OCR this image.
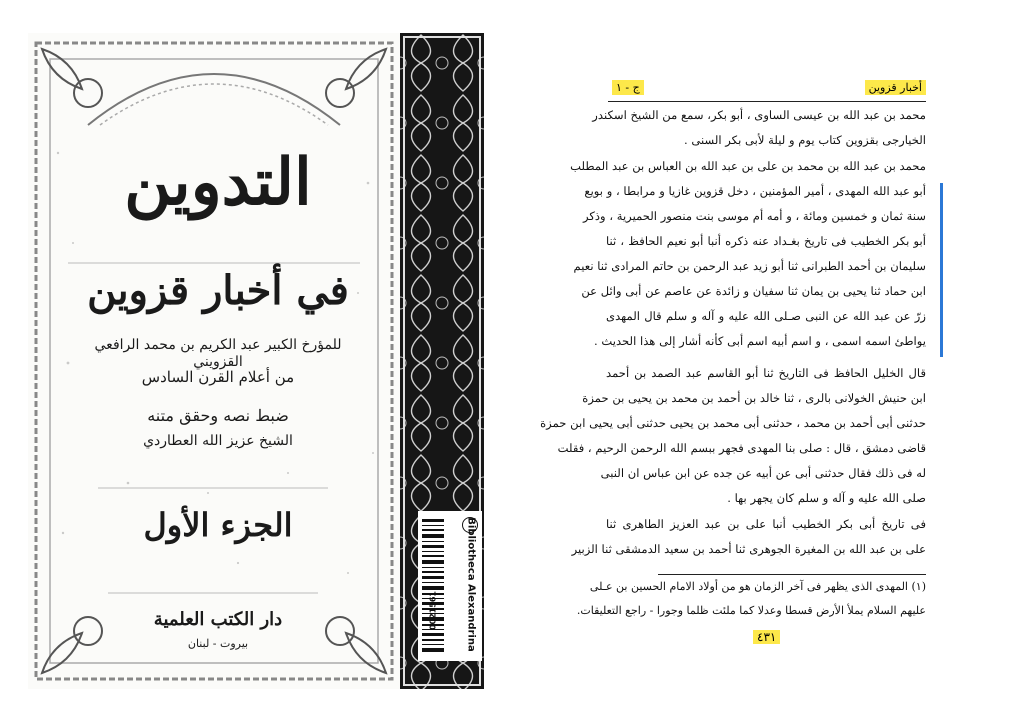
التدوين
في أخبار قزوين
للمؤرخ الكبير عبد الكريم بن محمد الرافعي القزويني
من أعلام القرن السادس
ضبط نصه وحقق متنه
الشيخ عزيز الله العطاردي
الجزء الأول
دار الكتب العلمية
بيروت - لبنان
0021561	Bibliotheca Alexandrina
أخبار قزوين
ج - ١
محمد بن عبد الله بن عيسى الساوى ، أبو بكر، سمع من الشيخ اسكندر
الخيارجى بقزوين كتاب يوم و ليلة لأبى بكر السنى .
محمد بن عبد الله بن محمد بن على بن عبد الله بن العباس بن عبد المطلب
أبو عبد الله المهدى ، أمير المؤمنين ، دخل قزوين غازيا و مرابطا ، و بويع
سنة ثمان و خمسين ومائة ، و أمه أم موسى بنت منصور الحميرية ، وذكر
أبو بكر الخطيب فى تاريخ بغـداد عنه ذكره أنبا أبو نعيم الحافظ ، ثنا
سليمان بن أحمد الطبرانى ثنا أبو زيد عبد الرحمن بن حاتم المرادى ثنا نعيم
ابن حماد ثنا يحيى بن يمان ثنا سفيان و زائدة عن عاصم عن أبى وائل عن
زرّ عن عبد الله عن النبى صـلى الله عليه و آله و سلم قال المهدى
يواطئ اسمه اسمى ، و اسم أبيه اسم أبى كأنه أشار إلى هذا الحديث .
قال الخليل الحافظ فى التاريخ ثنا أبو القاسم عبد الصمد بن أحمد
ابن حنيش الخولانى بالرى ، ثنا خالد بن أحمد بن محمد بن يحيى بن حمزة
حدثنى أبى أحمد بن محمد ، حدثنى أبى محمد بن يحيى حدثنى أبى يحيى ابن حمزة
قاضى دمشق ، قال : صلى بنا المهدى فجهر ببسم الله الرحمن الرحيم ، فقلت
له فى ذلك فقال حدثنى أبى عن أبيه عن جده عن ابن عباس ان النبى
صلى الله عليه و آله و سلم كان يجهر بها .
فى تاريخ أبى بكر الخطيب أنبا على بن عبد العزيز الطاهرى ثنا
على بن عبد الله بن المغيرة الجوهرى ثنا أحمد بن سعيد الدمشقى ثنا الزبير
(١) المهدى الذى يظهر فى آخر الزمان هو من أولاد الامام الحسين بن عـلى
عليهم السلام يملأ الأرض قسطا وعدلا كما ملئت ظلما وجورا - راجع التعليقات.
٤٣١
